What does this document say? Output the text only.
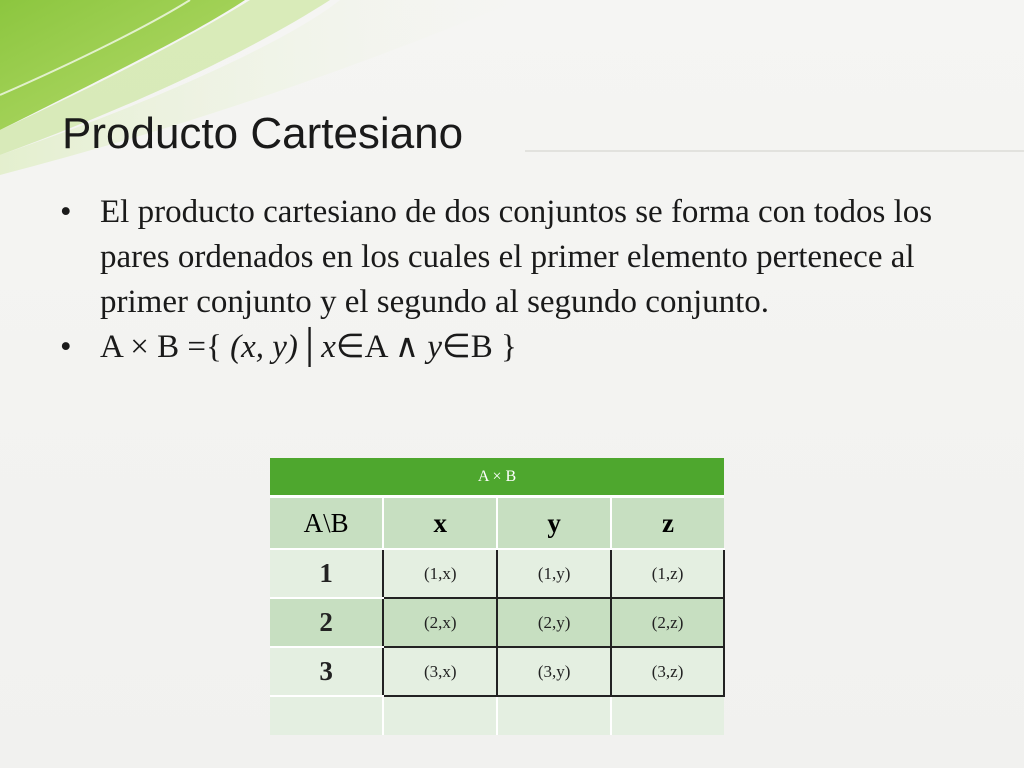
Producto Cartesiano
• El producto cartesiano de dos conjuntos se forma con todos los pares ordenados en los cuales el primer elemento pertenece al primer conjunto y el segundo al segundo conjunto.
• A × B ={ (x, y)│x∈A ∧ y∈B }
A × B			
A\B	x	y	z
1	(1,x)	(1,y)	(1,z)
2	(2,x)	(2,y)	(2,z)
3	(3,x)	(3,y)	(3,z)
